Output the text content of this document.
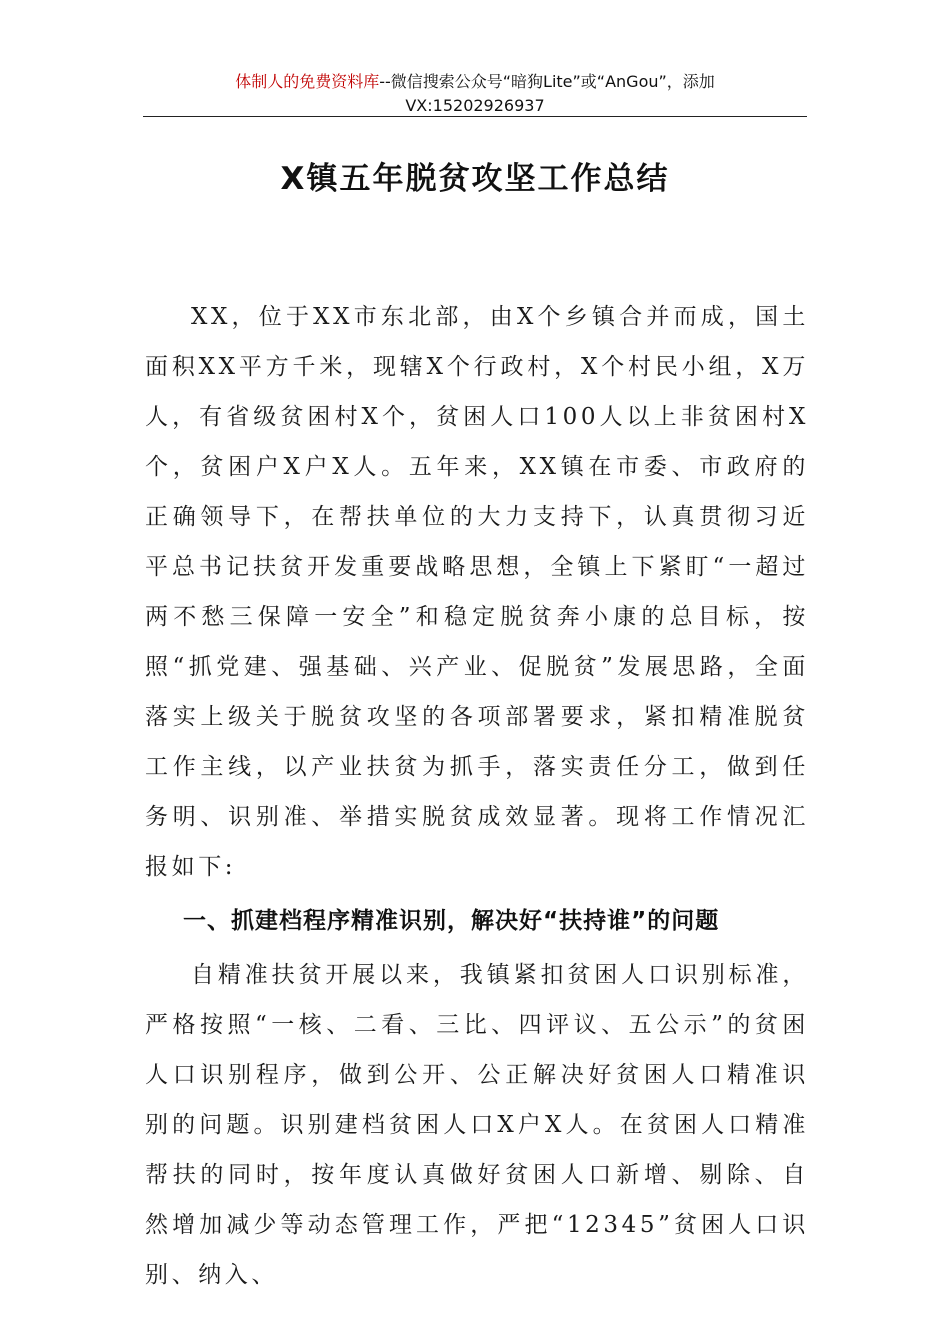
体制人的免费资料库--微信搜索公众号“暗狗Lite”或“AnGou”，添加
VX:15202926937
X镇五年脱贫攻坚工作总结

XX，位于XX市东北部，由X个乡镇合并而成，国土面积XX平方千米，现辖X个行政村，X个村民小组，X万人，有省级贫困村X个，贫困人口100人以上非贫困村X个，贫困户X户X人。五年来，XX镇在市委、市政府的正确领导下，在帮扶单位的大力支持下，认真贯彻习近平总书记扶贫开发重要战略思想，全镇上下紧盯“一超过两不愁三保障一安全”和稳定脱贫奔小康的总目标，按照“抓党建、强基础、兴产业、促脱贫”发展思路，全面落实上级关于脱贫攻坚的各项部署要求，紧扣精准脱贫工作主线，以产业扶贫为抓手，落实责任分工，做到任务明、识别准、举措实脱贫成效显著。现将工作情况汇报如下:

一、抓建档程序精准识别，解决好“扶持谁”的问题

自精准扶贫开展以来，我镇紧扣贫困人口识别标准，严格按照“一核、二看、三比、四评议、五公示”的贫困人口识别程序，做到公开、公正解决好贫困人口精准识别的问题。识别建档贫困人口X户X人。在贫困人口精准帮扶的同时，按年度认真做好贫困人口新增、剔除、自然增加减少等动态管理工作，严把“12345”贫困人口识别、纳入、
